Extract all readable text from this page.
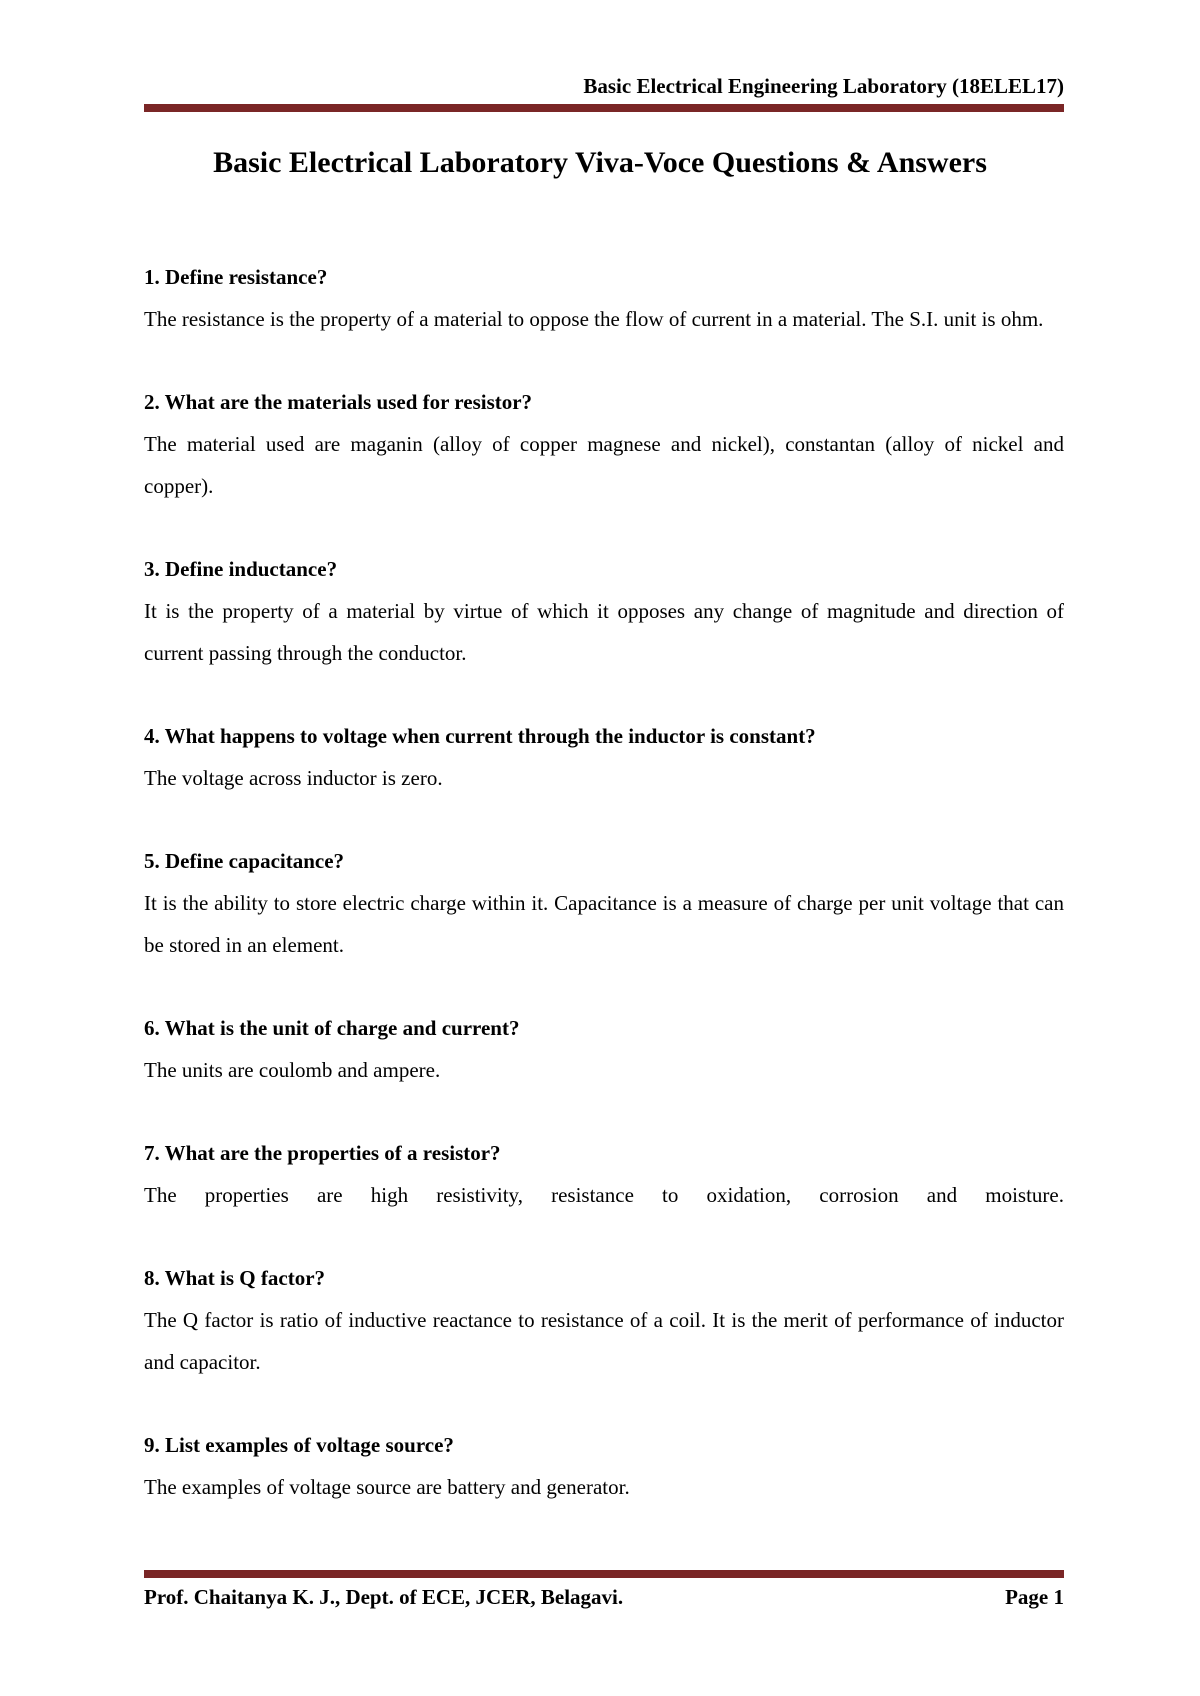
Basic Electrical Engineering Laboratory (18ELEL17)
Basic Electrical Laboratory Viva-Voce Questions & Answers
1. Define resistance?
The resistance is the property of a material to oppose the flow of current in a material. The S.I. unit is ohm.
2. What are the materials used for resistor?
The material used are maganin (alloy of copper magnese and nickel), constantan (alloy of nickel and copper).
3. Define inductance?
It is the property of a material by virtue of which it opposes any change of magnitude and direction of current passing through the conductor.
4. What happens to voltage when current through the inductor is constant?
The voltage across inductor is zero.
5. Define capacitance?
It is the ability to store electric charge within it. Capacitance is a measure of charge per unit voltage that can be stored in an element.
6. What is the unit of charge and current?
The units are coulomb and ampere.
7. What are the properties of a resistor?
The properties are high resistivity, resistance to oxidation, corrosion and moisture.
8. What is Q factor?
The Q factor is ratio of inductive reactance to resistance of a coil. It is the merit of performance of inductor and capacitor.
9. List examples of voltage source?
The examples of voltage source are battery and generator.
Prof. Chaitanya K. J., Dept. of ECE, JCER, Belagavi.	Page 1
